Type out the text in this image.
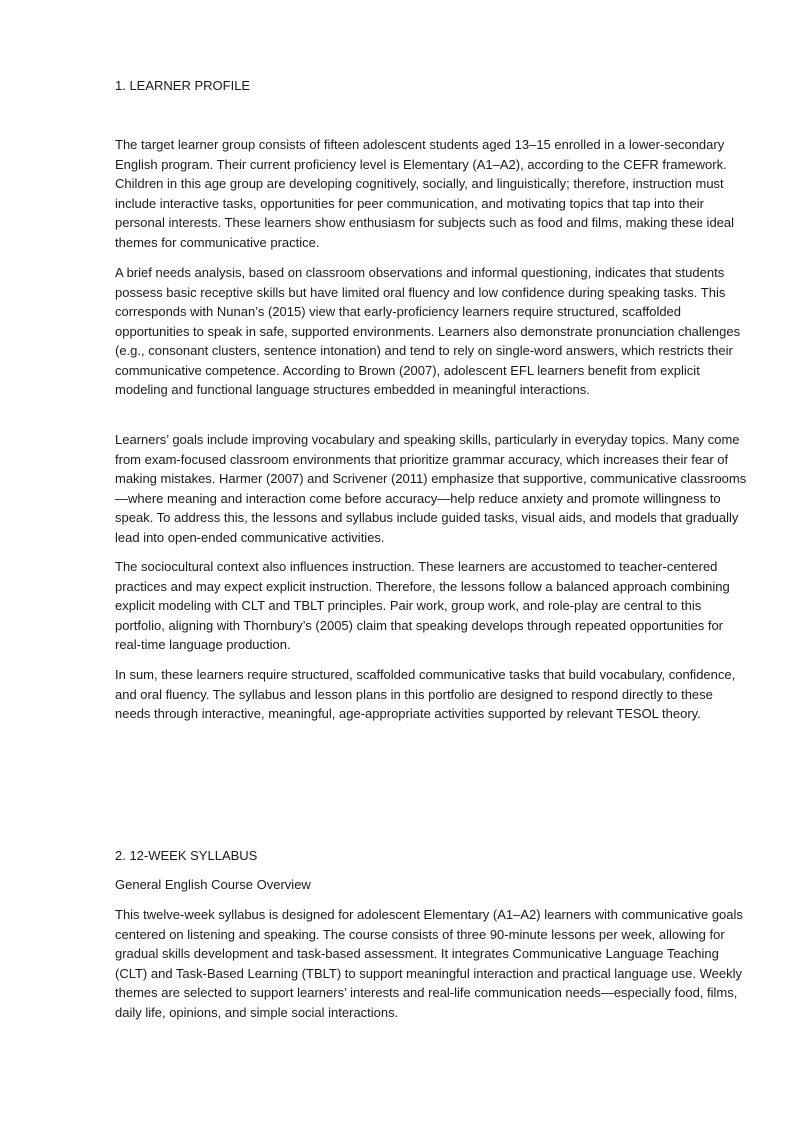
1. LEARNER PROFILE

The target learner group consists of fifteen adolescent students aged 13–15 enrolled in a lower-secondary English program. Their current proficiency level is Elementary (A1–A2), according to the CEFR framework. Children in this age group are developing cognitively, socially, and linguistically; therefore, instruction must include interactive tasks, opportunities for peer communication, and motivating topics that tap into their personal interests. These learners show enthusiasm for subjects such as food and films, making these ideal themes for communicative practice.

A brief needs analysis, based on classroom observations and informal questioning, indicates that students possess basic receptive skills but have limited oral fluency and low confidence during speaking tasks. This corresponds with Nunan’s (2015) view that early-proficiency learners require structured, scaffolded opportunities to speak in safe, supported environments. Learners also demonstrate pronunciation challenges (e.g., consonant clusters, sentence intonation) and tend to rely on single-word answers, which restricts their communicative competence. According to Brown (2007), adolescent EFL learners benefit from explicit modeling and functional language structures embedded in meaningful interactions.

Learners’ goals include improving vocabulary and speaking skills, particularly in everyday topics. Many come from exam-focused classroom environments that prioritize grammar accuracy, which increases their fear of making mistakes. Harmer (2007) and Scrivener (2011) emphasize that supportive, communicative classrooms—where meaning and interaction come before accuracy—help reduce anxiety and promote willingness to speak. To address this, the lessons and syllabus include guided tasks, visual aids, and models that gradually lead into open-ended communicative activities.

The sociocultural context also influences instruction. These learners are accustomed to teacher-centered practices and may expect explicit instruction. Therefore, the lessons follow a balanced approach combining explicit modeling with CLT and TBLT principles. Pair work, group work, and role-play are central to this portfolio, aligning with Thornbury’s (2005) claim that speaking develops through repeated opportunities for real-time language production.

In sum, these learners require structured, scaffolded communicative tasks that build vocabulary, confidence, and oral fluency. The syllabus and lesson plans in this portfolio are designed to respond directly to these needs through interactive, meaningful, age-appropriate activities supported by relevant TESOL theory.

2. 12-WEEK SYLLABUS
General English Course Overview

This twelve-week syllabus is designed for adolescent Elementary (A1–A2) learners with communicative goals centered on listening and speaking. The course consists of three 90-minute lessons per week, allowing for gradual skills development and task-based assessment. It integrates Communicative Language Teaching (CLT) and Task-Based Learning (TBLT) to support meaningful interaction and practical language use. Weekly themes are selected to support learners’ interests and real-life communication needs—especially food, films, daily life, opinions, and simple social interactions.
